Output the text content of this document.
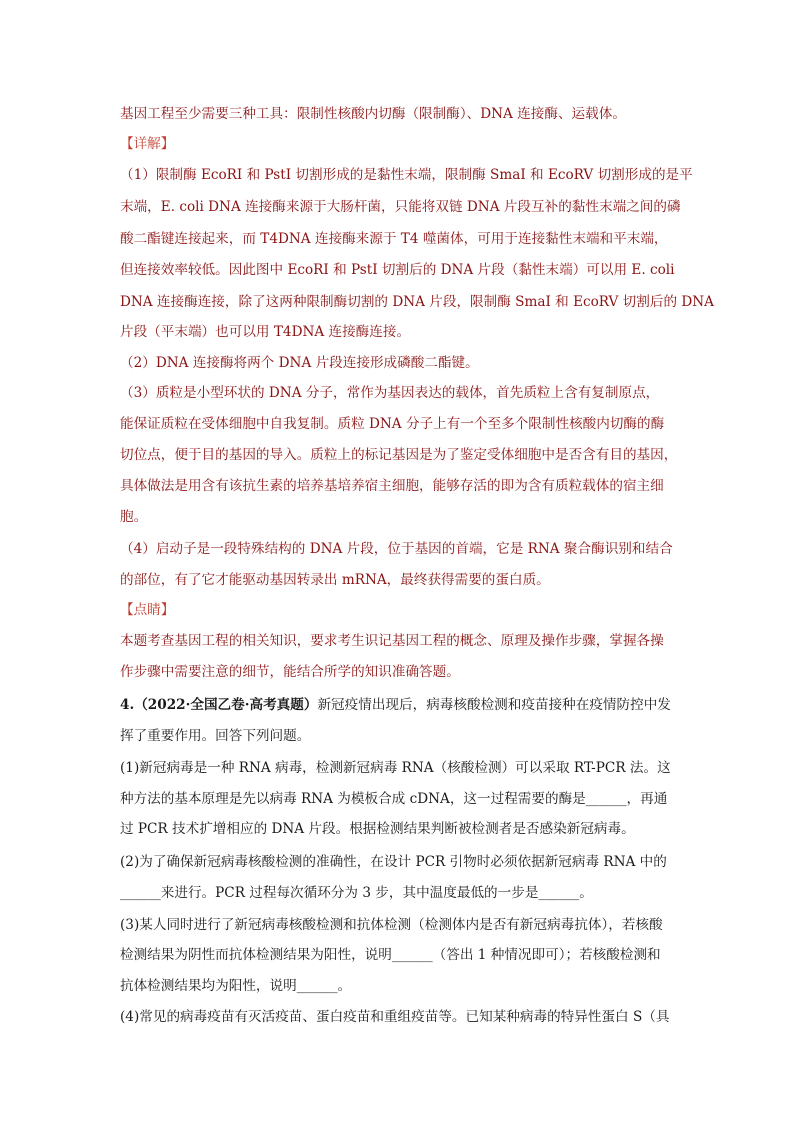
基因工程至少需要三种工具：限制性核酸内切酶（限制酶）、DNA 连接酶、运载体。

【详解】

（1）限制酶 EcoRI 和 PstI 切割形成的是黏性末端，限制酶 SmaI 和 EcoRV 切割形成的是平

末端，E. coli DNA 连接酶来源于大肠杆菌，只能将双链 DNA 片段互补的黏性末端之间的磷

酸二酯键连接起来，而 T4DNA 连接酶来源于 T4 噬菌体，可用于连接黏性末端和平末端，

但连接效率较低。因此图中 EcoRI 和 PstI 切割后的 DNA 片段（黏性末端）可以用 E. coli

DNA 连接酶连接，除了这两种限制酶切割的 DNA 片段，限制酶 SmaI 和 EcoRV 切割后的 DNA

片段（平末端）也可以用 T4DNA 连接酶连接。

（2）DNA 连接酶将两个 DNA 片段连接形成磷酸二酯键。

（3）质粒是小型环状的 DNA 分子，常作为基因表达的载体，首先质粒上含有复制原点，

能保证质粒在受体细胞中自我复制。质粒 DNA 分子上有一个至多个限制性核酸内切酶的酶

切位点，便于目的基因的导入。质粒上的标记基因是为了鉴定受体细胞中是否含有目的基因，

具体做法是用含有该抗生素的培养基培养宿主细胞，能够存活的即为含有质粒载体的宿主细

胞。

（4）启动子是一段特殊结构的 DNA 片段，位于基因的首端，它是 RNA 聚合酶识别和结合

的部位，有了它才能驱动基因转录出 mRNA，最终获得需要的蛋白质。

【点睛】

本题考查基因工程的相关知识，要求考生识记基因工程的概念、原理及操作步骤，掌握各操

作步骤中需要注意的细节，能结合所学的知识准确答题。

4.（2022·全国乙卷·高考真题）新冠疫情出现后，病毒核酸检测和疫苗接种在疫情防控中发

挥了重要作用。回答下列问题。

(1)新冠病毒是一种 RNA 病毒，检测新冠病毒 RNA（核酸检测）可以采取 RT-PCR 法。这

种方法的基本原理是先以病毒 RNA 为模板合成 cDNA，这一过程需要的酶是______，再通

过 PCR 技术扩增相应的 DNA 片段。根据检测结果判断被检测者是否感染新冠病毒。

(2)为了确保新冠病毒核酸检测的准确性，在设计 PCR 引物时必须依据新冠病毒 RNA 中的

______来进行。PCR 过程每次循环分为 3 步，其中温度最低的一步是______。

(3)某人同时进行了新冠病毒核酸检测和抗体检测（检测体内是否有新冠病毒抗体），若核酸

检测结果为阴性而抗体检测结果为阳性，说明______（答出 1 种情况即可）；若核酸检测和

抗体检测结果均为阳性，说明______。

(4)常见的病毒疫苗有灭活疫苗、蛋白疫苗和重组疫苗等。已知某种病毒的特异性蛋白 S（具
